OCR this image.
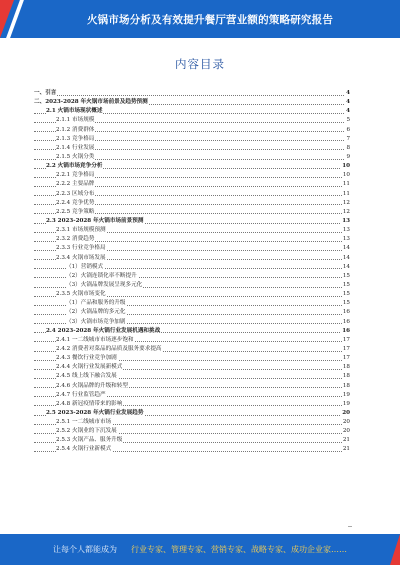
火锅市场分析及有效提升餐厅营业额的策略研究报告
内容目录
一、引言	4
二、2023-2028 年火锅市场前景及趋势预测	4
2.1 火锅市场现状概述	4
2.1.1 市场规模	5
2.1.2 消费群体	6
2.1.3 竞争格局	7
2.1.4 行业发展	8
2.1.5 火锅分类	9
2.2 火锅市场竞争分析	10
2.2.1 竞争格局	10
2.2.2 主要品牌	11
2.2.3 区域分布	11
2.2.4 竞争优势	12
2.2.5 竞争策略	12
2.3 2023-2028 年火锅市场前景预测	13
2.3.1 市场规模预测	13
2.3.2 消费趋势	13
2.3.3 行业竞争格局	14
2.3.4 火锅市场发展	14
（1）营销模式	14
（2）火锅连锁化率不断提升	15
（3）火锅品牌发展呈现多元化	15
2.3.5 火锅市场变化	15
（1）产品和服务的升级	15
（2）火锅品牌的多元化	16
（3）火锅市场竞争加剧	16
2.4 2023-2028 年火锅行业发展机遇和挑战	16
2.4.1 一二线城市市场逐步饱和	17
2.4.2 消费者对菜品的品质及服务要求提高	17
2.4.3 餐饮行业竞争加剧	17
2.4.4 火锅行业发展新模式	18
2.4.5 线上线下融合发展	18
2.4.6 火锅品牌的升级和转型	18
2.4.7 行业监管趋严	19
2.4.8 新冠疫情带来的影响	19
2.5 2023-2028 年火锅行业发展趋势	20
2.5.1 一二线城市市场	20
2.5.2 火锅业的下沉发展	20
2.5.3 火锅产品、服务升级	21
2.5.4 火锅行业新模式	21
让每个人都能成为 行业专家、管理专家、营销专家、战略专家、成功企业家……
